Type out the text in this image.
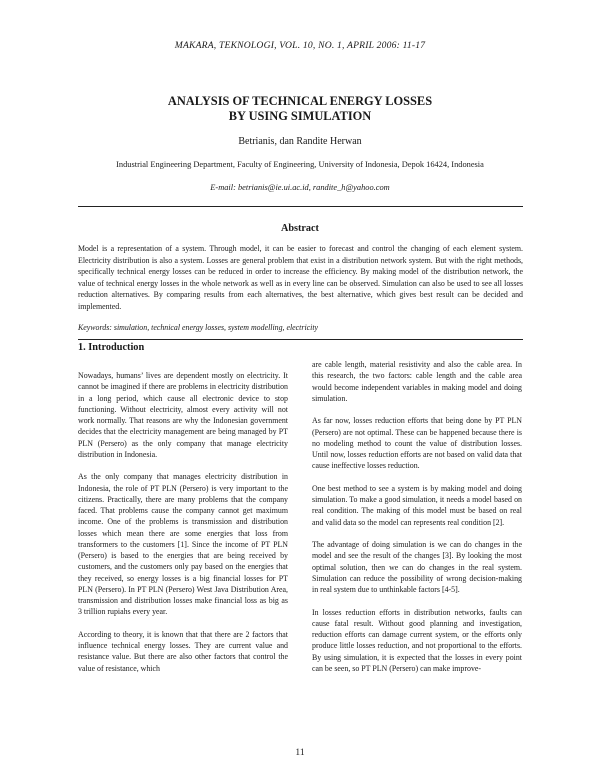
MAKARA, TEKNOLOGI, VOL. 10, NO. 1, APRIL 2006: 11-17
ANALYSIS OF TECHNICAL ENERGY LOSSES
BY USING SIMULATION
Betrianis, dan Randite Herwan
Industrial Engineering Department, Faculty of Engineering, University of Indonesia, Depok 16424, Indonesia
E-mail: betrianis@ie.ui.ac.id, randite_h@yahoo.com
Abstract
Model is a representation of a system. Through model, it can be easier to forecast and control the changing of each element system. Electricity distribution is also a system. Losses are general problem that exist in a distribution network system. But with the right methods, specifically technical energy losses can be reduced in order to increase the efficiency. By making model of the distribution network, the value of technical energy losses in the whole network as well as in every line can be observed. Simulation can also be used to see all losses reduction alternatives. By comparing results from each alternatives, the best alternative, which gives best result can be decided and implemented.
Keywords: simulation, technical energy losses, system modelling, electricity
1. Introduction

Nowadays, humans’ lives are dependent mostly on electricity. It cannot be imagined if there are problems in electricity distribution in a long period, which cause all electronic device to stop functioning. Without electricity, almost every activity will not work normally. That reasons are why the Indonesian government decides that the electricity management are being managed by PT PLN (Persero) as the only company that manage electricity distribution in Indonesia.

As the only company that manages electricity distribution in Indonesia, the role of PT PLN (Persero) is very important to the citizens. Practically, there are many problems that the company faced. That problems cause the company cannot get maximum income. One of the problems is transmission and distribution losses which mean there are some energies that loss from transformers to the customers [1]. Since the income of PT PLN (Persero) is based to the energies that are being received by customers, and the customers only pay based on the energies that they received, so energy losses is a big financial losses for PT PLN (Persero). In PT PLN (Persero) West Java Distribution Area, transmission and distribution losses make financial loss as big as 3 trillion rupiahs every year.

According to theory, it is known that that there are 2 factors that influence technical energy losses. They are current value and resistance value. But there are also other factors that control the value of resistance, which

are cable length, material resistivity and also the cable area. In this research, the two factors: cable length and the cable area would become independent variables in making model and doing simulation.

As far now, losses reduction efforts that being done by PT PLN (Persero) are not optimal. These can be happened because there is no modeling method to count the value of distribution losses. Until now, losses reduction efforts are not based on valid data that cause ineffective losses reduction.

One best method to see a system is by making model and doing simulation. To make a good simulation, it needs a model based on real condition. The making of this model must be based on real and valid data so the model can represents real condition [2].

The advantage of doing simulation is we can do changes in the model and see the result of the changes [3]. By looking the most optimal solution, then we can do changes in the real system. Simulation can reduce the possibility of wrong decision-making in real system due to unthinkable factors [4-5].

In losses reduction efforts in distribution networks, faults can cause fatal result. Without good planning and investigation, reduction efforts can damage current system, or the efforts only produce little losses reduction, and not proportional to the efforts. By using simulation, it is expected that the losses in every point can be seen, so PT PLN (Persero) can make improve-

11
